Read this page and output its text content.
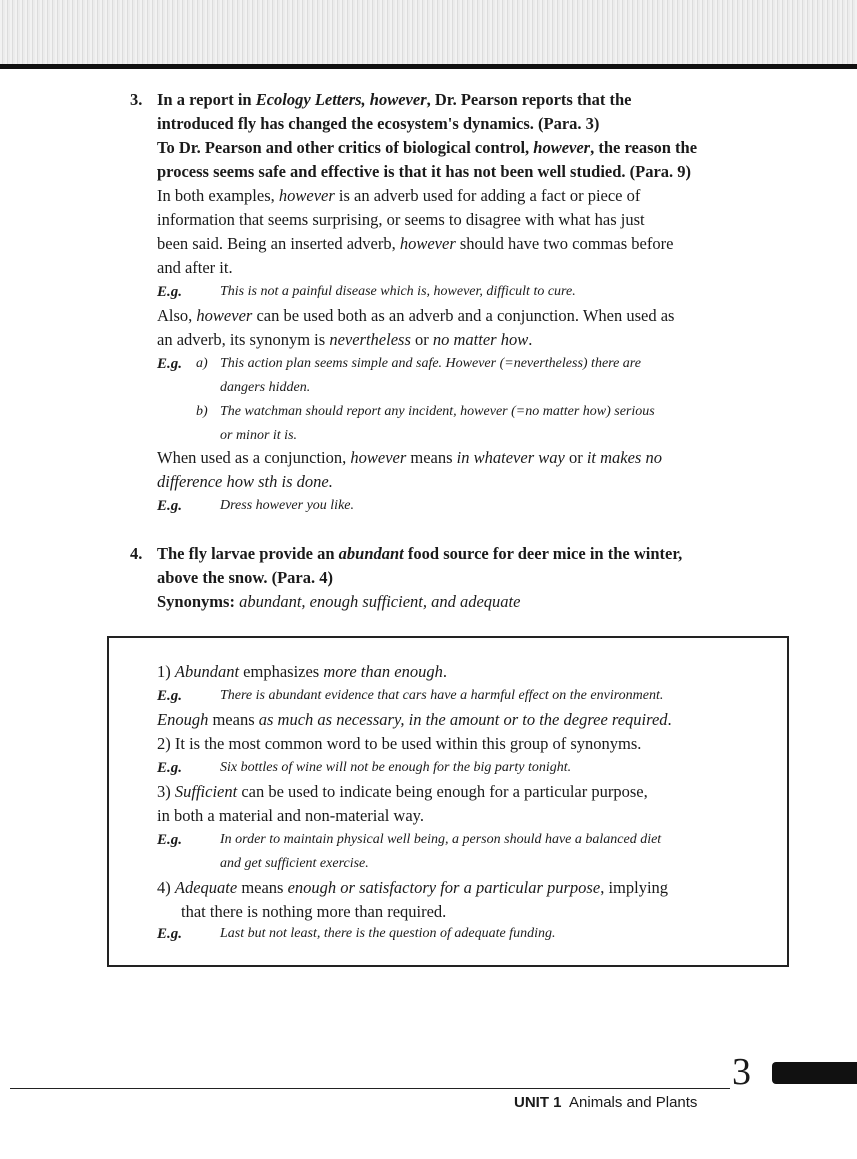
3. In a report in Ecology Letters, however, Dr. Pearson reports that the
introduced fly has changed the ecosystem's dynamics. (Para. 3)
To Dr. Pearson and other critics of biological control, however, the reason the
process seems safe and effective is that it has not been well studied. (Para. 9)
In both examples, however is an adverb used for adding a fact or piece of
information that seems surprising, or seems to disagree with what has just
been said. Being an inserted adverb, however should have two commas before
and after it.
E.g.	This is not a painful disease which is, however, difficult to cure.
Also, however can be used both as an adverb and a conjunction. When used as
an adverb, its synonym is nevertheless or no matter how.
E.g. a) This action plan seems simple and safe. However (=nevertheless) there are
dangers hidden.
b) The watchman should report any incident, however (=no matter how) serious
or minor it is.
When used as a conjunction, however means in whatever way or it makes no
difference how sth is done.
E.g.	Dress however you like.
4. The fly larvae provide an abundant food source for deer mice in the winter,
above the snow. (Para. 4)
Synonyms: abundant, enough sufficient, and adequate
1) Abundant emphasizes more than enough.
E.g.	There is abundant evidence that cars have a harmful effect on the environment.
Enough means as much as necessary, in the amount or to the degree required.
2) It is the most common word to be used within this group of synonyms.
E.g.	Six bottles of wine will not be enough for the big party tonight.
3) Sufficient can be used to indicate being enough for a particular purpose,
in both a material and non-material way.
E.g.	In order to maintain physical well being, a person should have a balanced diet
and get sufficient exercise.
4) Adequate means enough or satisfactory for a particular purpose, implying
that there is nothing more than required.
E.g.	Last but not least, there is the question of adequate funding.
3
UNIT 1  Animals and Plants
